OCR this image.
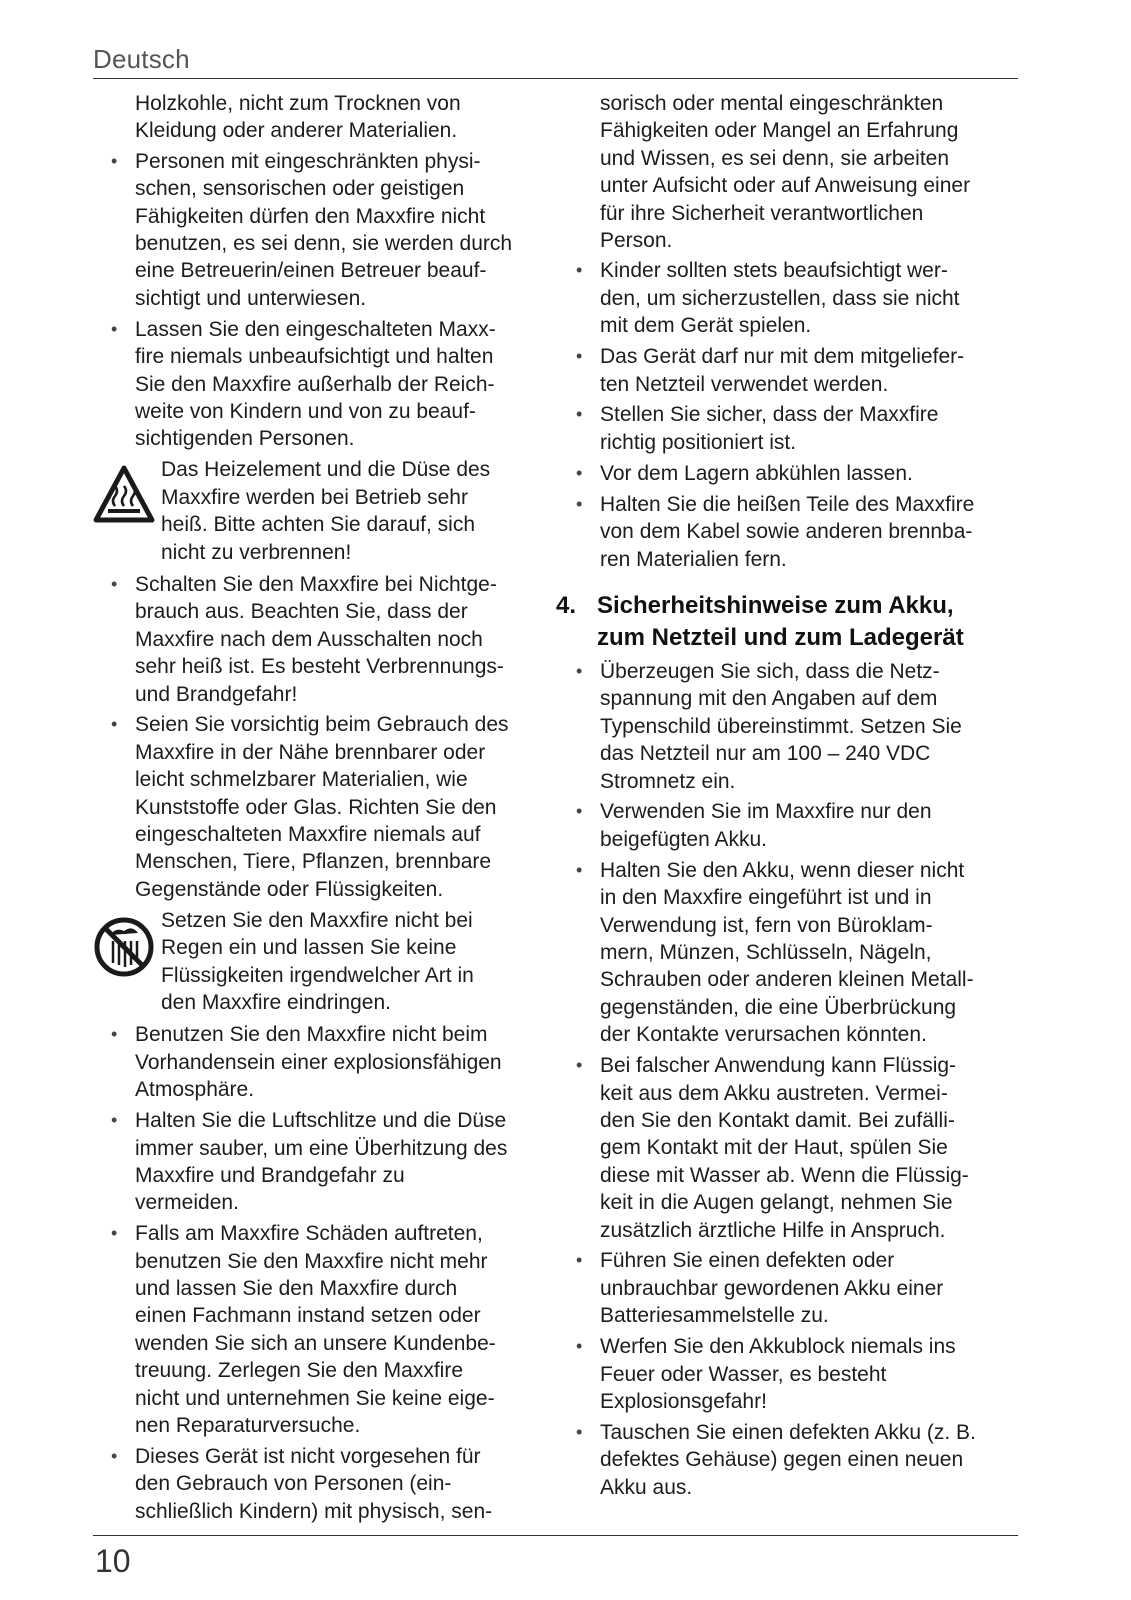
Deutsch
Holzkohle, nicht zum Trocknen von
Kleidung oder anderer Materialien.
• Personen mit eingeschränkten physi-
schen, sensorischen oder geistigen
Fähigkeiten dürfen den Maxxfire nicht
benutzen, es sei denn, sie werden durch
eine Betreuerin/einen Betreuer beauf-
sichtigt und unterwiesen.
• Lassen Sie den eingeschalteten Maxx-
fire niemals unbeaufsichtigt und halten
Sie den Maxxfire außerhalb der Reich-
weite von Kindern und von zu beauf-
sichtigenden Personen.
Das Heizelement und die Düse des
Maxxfire werden bei Betrieb sehr
heiß. Bitte achten Sie darauf, sich
nicht zu verbrennen!
• Schalten Sie den Maxxfire bei Nichtge-
brauch aus. Beachten Sie, dass der
Maxxfire nach dem Ausschalten noch
sehr heiß ist. Es besteht Verbrennungs-
und Brandgefahr!
• Seien Sie vorsichtig beim Gebrauch des
Maxxfire in der Nähe brennbarer oder
leicht schmelzbarer Materialien, wie
Kunststoffe oder Glas. Richten Sie den
eingeschalteten Maxxfire niemals auf
Menschen, Tiere, Pflanzen, brennbare
Gegenstände oder Flüssigkeiten.
Setzen Sie den Maxxfire nicht bei
Regen ein und lassen Sie keine
Flüssigkeiten irgendwelcher Art in
den Maxxfire eindringen.
• Benutzen Sie den Maxxfire nicht beim
Vorhandensein einer explosionsfähigen
Atmosphäre.
• Halten Sie die Luftschlitze und die Düse
immer sauber, um eine Überhitzung des
Maxxfire und Brandgefahr zu
vermeiden.
• Falls am Maxxfire Schäden auftreten,
benutzen Sie den Maxxfire nicht mehr
und lassen Sie den Maxxfire durch
einen Fachmann instand setzen oder
wenden Sie sich an unsere Kundenbe-
treuung. Zerlegen Sie den Maxxfire
nicht und unternehmen Sie keine eige-
nen Reparaturversuche.
• Dieses Gerät ist nicht vorgesehen für
den Gebrauch von Personen (ein-
schließlich Kindern) mit physisch, sen-
sorisch oder mental eingeschränkten
Fähigkeiten oder Mangel an Erfahrung
und Wissen, es sei denn, sie arbeiten
unter Aufsicht oder auf Anweisung einer
für ihre Sicherheit verantwortlichen
Person.
• Kinder sollten stets beaufsichtigt wer-
den, um sicherzustellen, dass sie nicht
mit dem Gerät spielen.
• Das Gerät darf nur mit dem mitgeliefer-
ten Netzteil verwendet werden.
• Stellen Sie sicher, dass der Maxxfire
richtig positioniert ist.
• Vor dem Lagern abkühlen lassen.
• Halten Sie die heißen Teile des Maxxfire
von dem Kabel sowie anderen brennba-
ren Materialien fern.
4. Sicherheitshinweise zum Akku,
zum Netzteil und zum Ladegerät
• Überzeugen Sie sich, dass die Netz-
spannung mit den Angaben auf dem
Typenschild übereinstimmt. Setzen Sie
das Netzteil nur am 100 – 240 VDC
Stromnetz ein.
• Verwenden Sie im Maxxfire nur den
beigefügten Akku.
• Halten Sie den Akku, wenn dieser nicht
in den Maxxfire eingeführt ist und in
Verwendung ist, fern von Büroklam-
mern, Münzen, Schlüsseln, Nägeln,
Schrauben oder anderen kleinen Metall-
gegenständen, die eine Überbrückung
der Kontakte verursachen könnten.
• Bei falscher Anwendung kann Flüssig-
keit aus dem Akku austreten. Vermei-
den Sie den Kontakt damit. Bei zufälli-
gem Kontakt mit der Haut, spülen Sie
diese mit Wasser ab. Wenn die Flüssig-
keit in die Augen gelangt, nehmen Sie
zusätzlich ärztliche Hilfe in Anspruch.
• Führen Sie einen defekten oder
unbrauchbar gewordenen Akku einer
Batteriesammelstelle zu.
• Werfen Sie den Akkublock niemals ins
Feuer oder Wasser, es besteht
Explosionsgefahr!
• Tauschen Sie einen defekten Akku (z. B.
defektes Gehäuse) gegen einen neuen
Akku aus.
10
